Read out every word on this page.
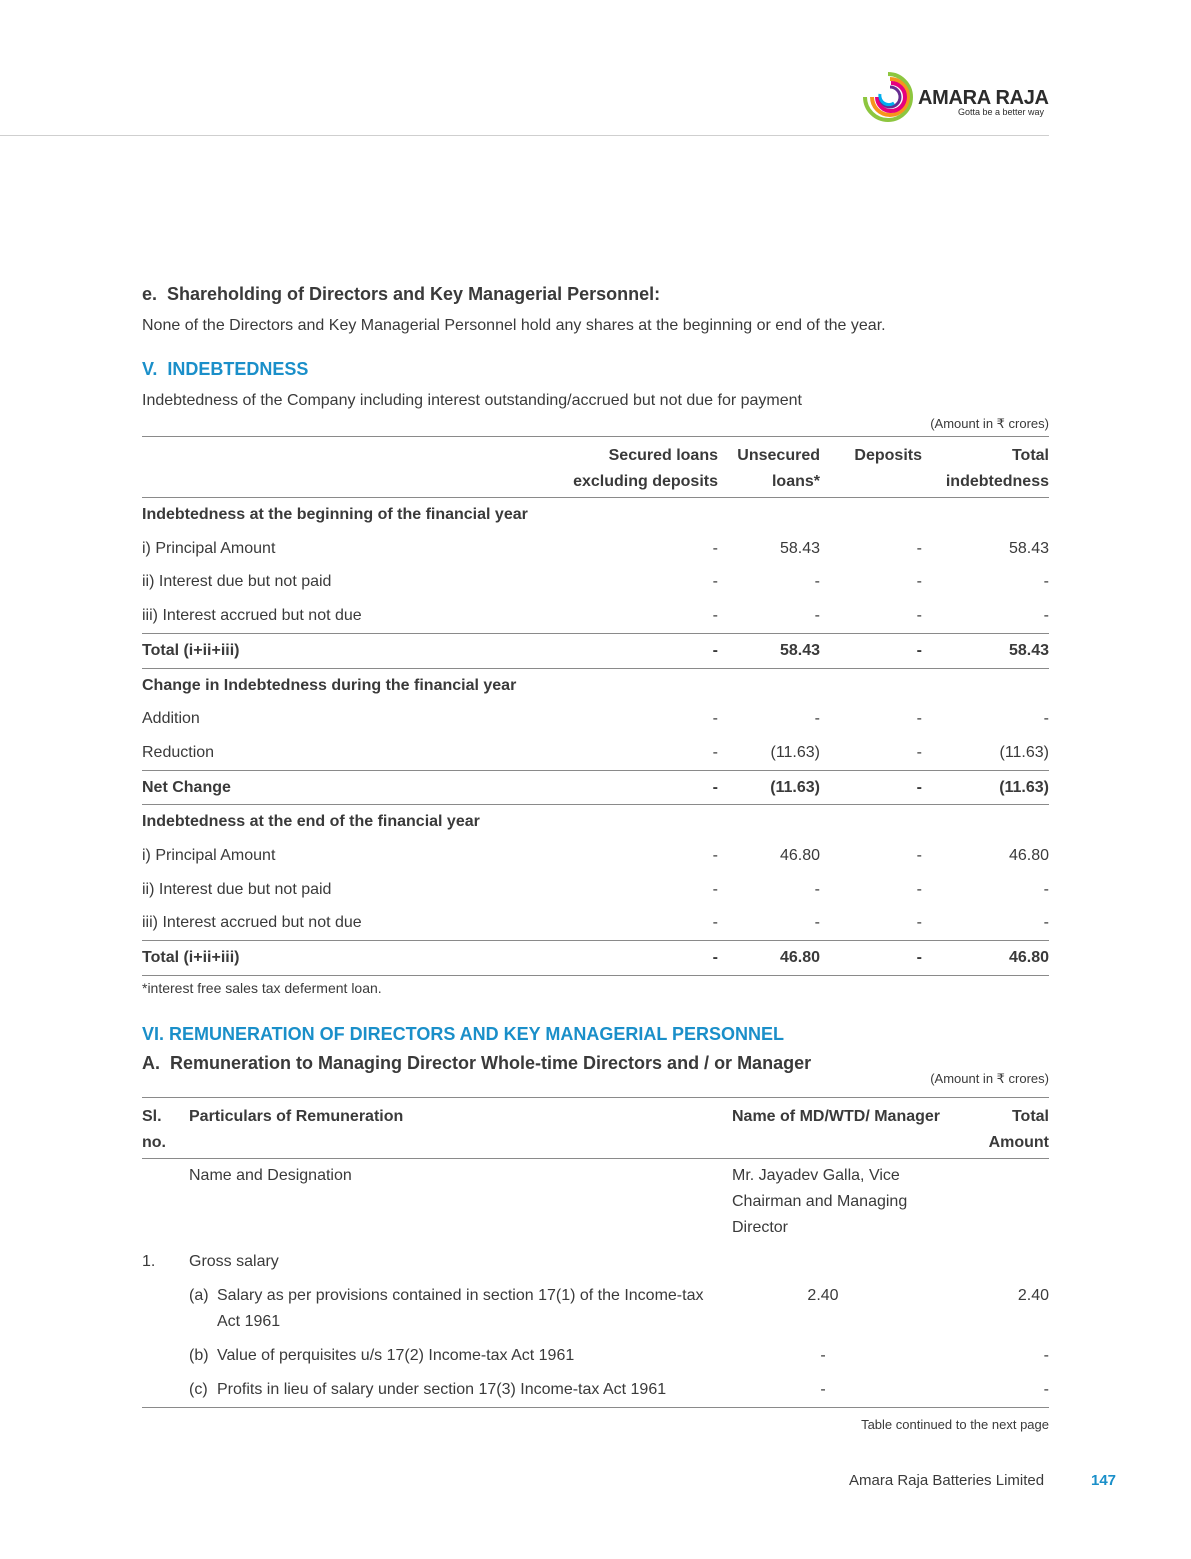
AMARA RAJA
Gotta be a better way

e.  Shareholding of Directors and Key Managerial Personnel:

None of the Directors and Key Managerial Personnel hold any shares at the beginning or end of the year.

V.  INDEBTEDNESS

Indebtedness of the Company including interest outstanding/accrued but not due for payment

(Amount in ₹ crores)
	Secured loans excluding deposits	Unsecured loans*	Deposits	Total indebtedness
Indebtedness at the beginning of the financial year				
i) Principal Amount	-	58.43	-	58.43
ii) Interest due but not paid	-	-	-	-
iii) Interest accrued but not due	-	-	-	-
Total (i+ii+iii)	-	58.43	-	58.43
Change in Indebtedness during the financial year				
Addition	-	-	-	-
Reduction	-	(11.63)	-	(11.63)
Net Change	-	(11.63)	-	(11.63)
Indebtedness at the end of the financial year				
i) Principal Amount	-	46.80	-	46.80
ii) Interest due but not paid	-	-	-	-
iii) Interest accrued but not due	-	-	-	-
Total (i+ii+iii)	-	46.80	-	46.80
*interest free sales tax deferment loan.

VI. REMUNERATION OF DIRECTORS AND KEY MANAGERIAL PERSONNEL

A.  Remuneration to Managing Director Whole-time Directors and / or Manager

(Amount in ₹ crores)
Sl. no.	Particulars of Remuneration	Name of MD/WTD/ Manager	Total Amount
	Name and Designation	Mr. Jayadev Galla, Vice Chairman and Managing Director	
1.	Gross salary		

	(a) Salary as per provisions contained in section 17(1) of the Income-tax Act 1961	2.40	2.40

	(b) Value of perquisites u/s 17(2) Income-tax Act 1961	-	-

	(c) Profits in lieu of salary under section 17(3) Income-tax Act 1961	-	-
Table continued to the next page
Amara Raja Batteries Limited	147
